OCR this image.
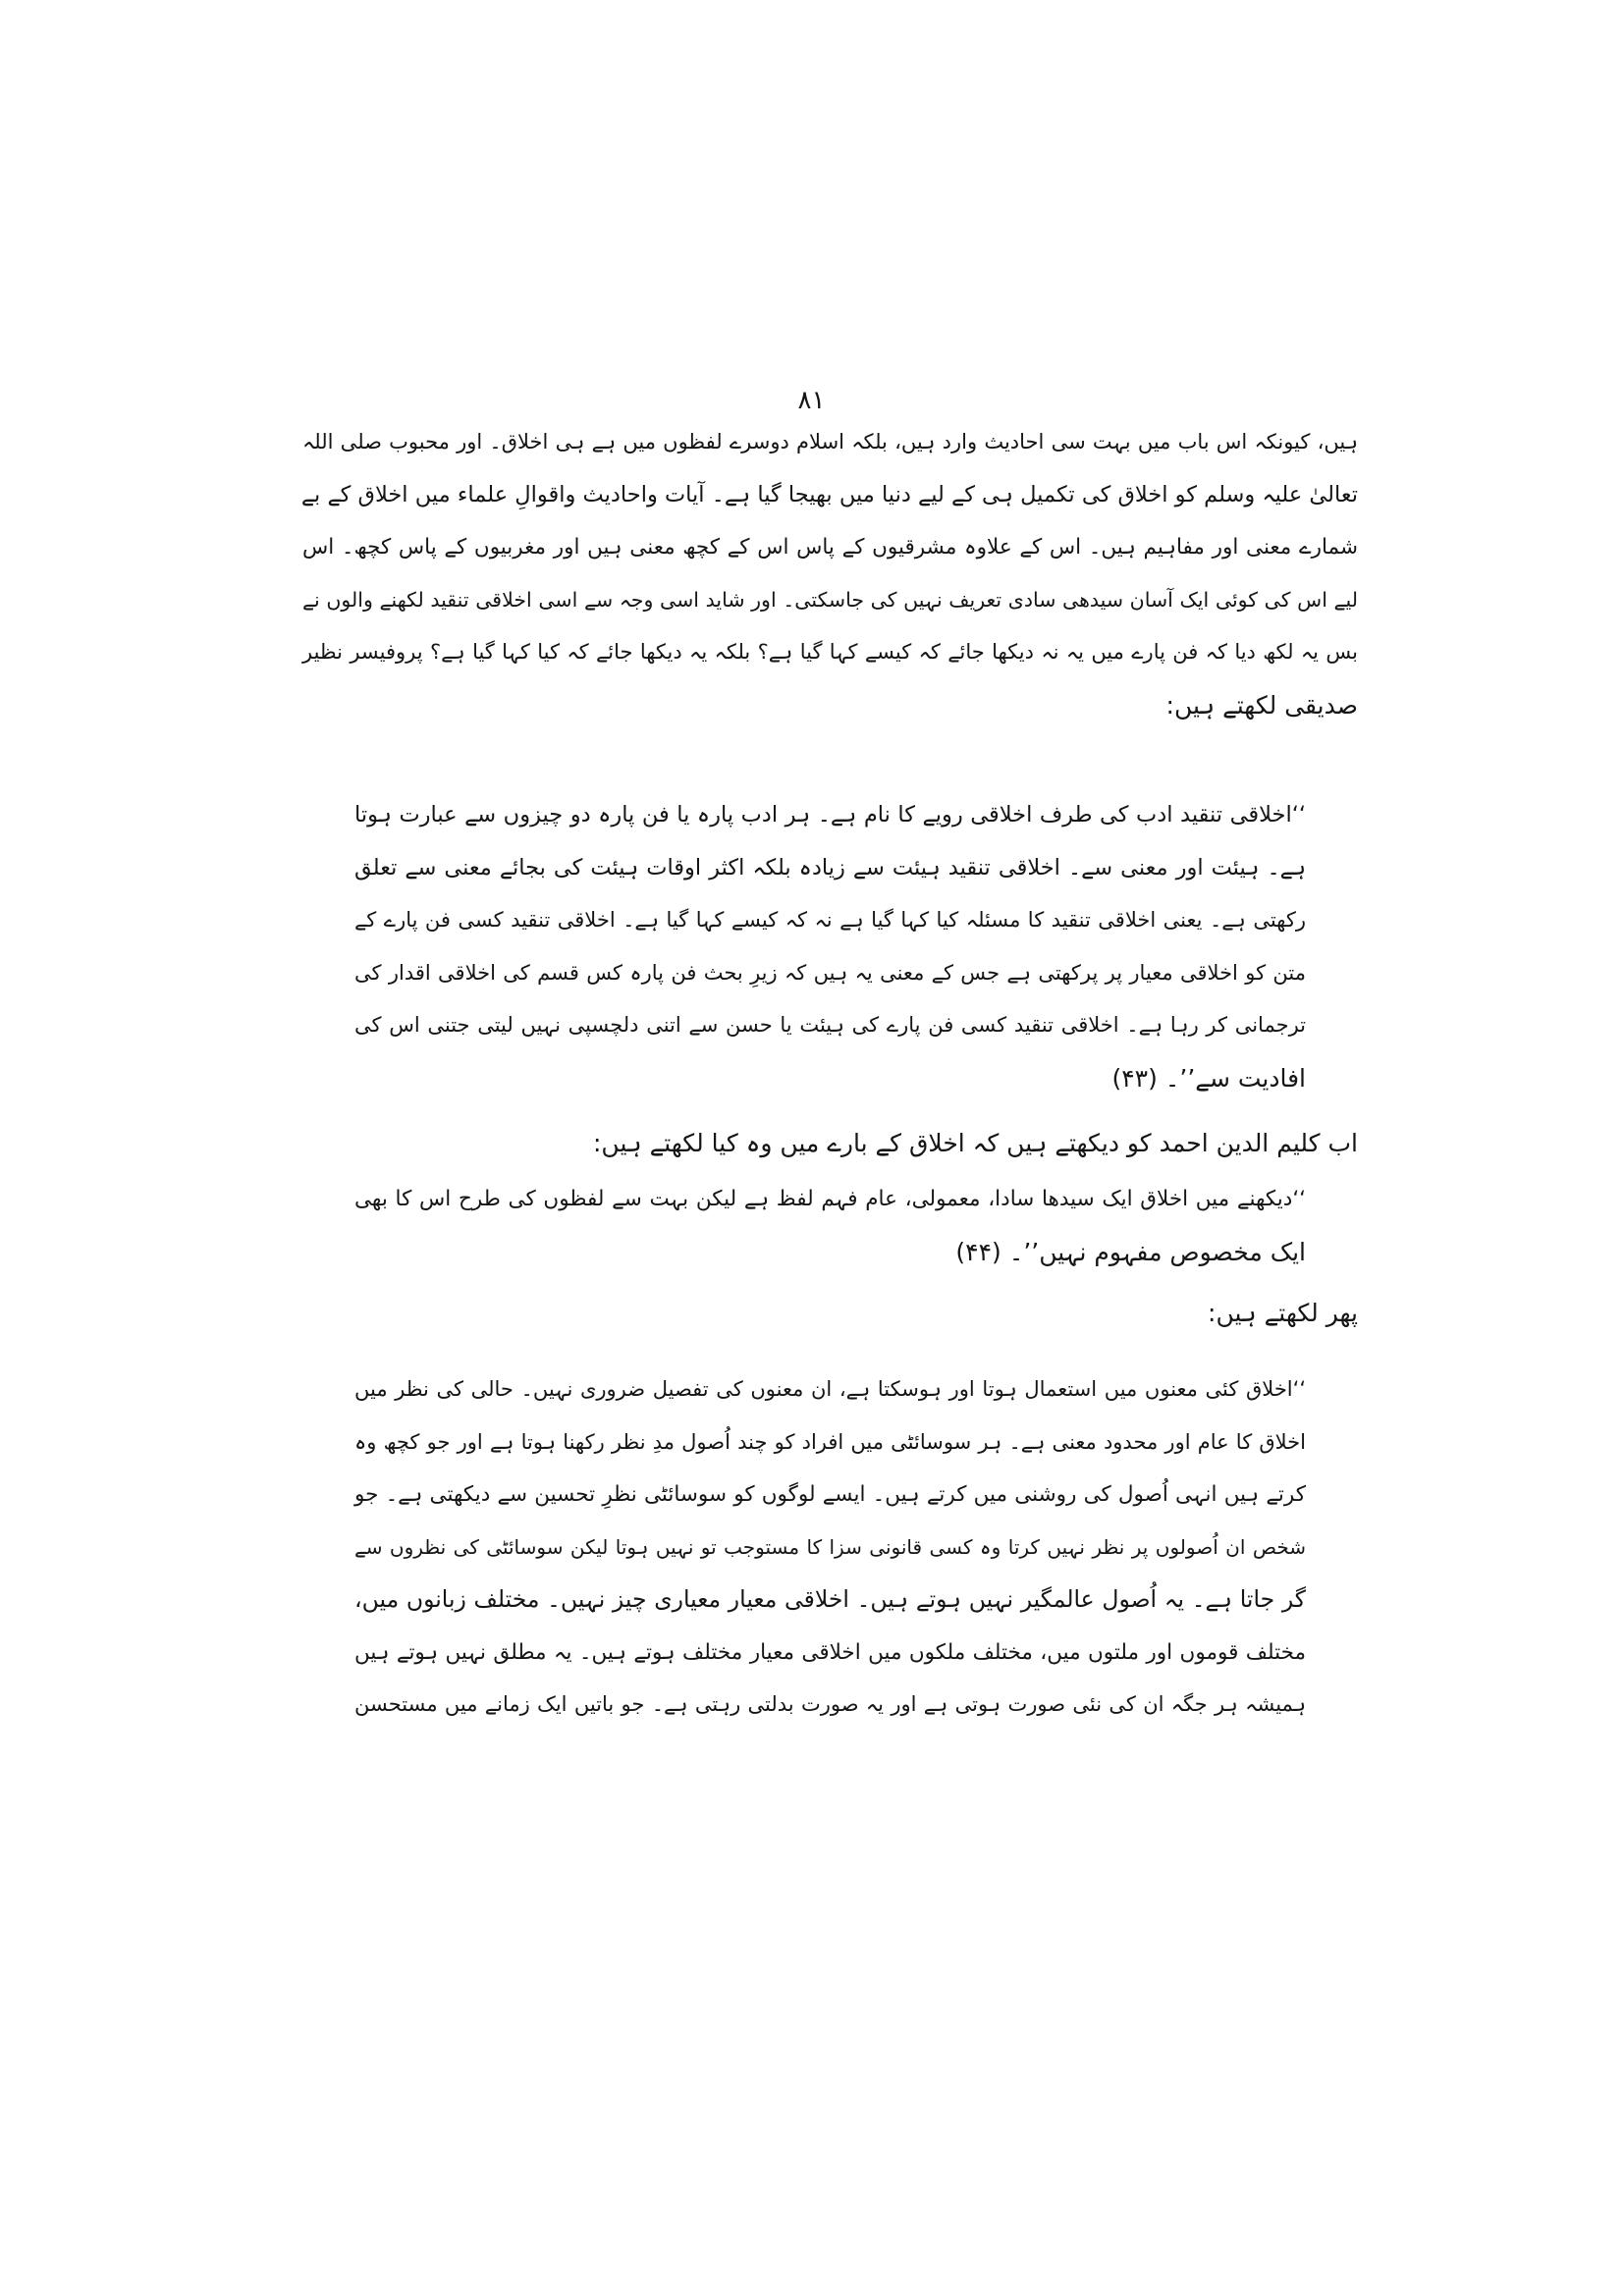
۸۱
ہیں، کیونکہ اس باب میں بہت سی احادیث وارد ہیں، بلکہ اسلام دوسرے لفظوں میں ہے ہی اخلاق۔ اور محبوب صلی اللہ
تعالیٰ علیہ وسلم کو اخلاق کی تکمیل ہی کے لیے دنیا میں بھیجا گیا ہے۔ آیات واحادیث واقوالِ علماء میں اخلاق کے بے
شمارے معنی اور مفاہیم ہیں۔ اس کے علاوہ مشرقیوں کے پاس اس کے کچھ معنی ہیں اور مغربیوں کے پاس کچھ۔ اس
لیے اس کی کوئی ایک آسان سیدھی سادی تعریف نہیں کی جاسکتی۔ اور شاید اسی وجہ سے اسی اخلاقی تنقید لکھنے والوں نے
بس یہ لکھ دیا کہ فن پارے میں یہ نہ دیکھا جائے کہ کیسے کہا گیا ہے؟ بلکہ یہ دیکھا جائے کہ کیا کہا گیا ہے؟ پروفیسر نظیر
صدیقی لکھتے ہیں:
‘‘اخلاقی تنقید ادب کی طرف اخلاقی رویے کا نام ہے۔ ہر ادب پارہ یا فن پارہ دو چیزوں سے عبارت ہوتا
ہے۔ ہیئت اور معنی سے۔ اخلاقی تنقید ہیئت سے زیادہ بلکہ اکثر اوقات ہیئت کی بجائے معنی سے تعلق
رکھتی ہے۔ یعنی اخلاقی تنقید کا مسئلہ کیا کہا گیا ہے نہ کہ کیسے کہا گیا ہے۔ اخلاقی تنقید کسی فن پارے کے
متن کو اخلاقی معیار پر پرکھتی ہے جس کے معنی یہ ہیں کہ زیرِ بحث فن پارہ کس قسم کی اخلاقی اقدار کی
ترجمانی کر رہا ہے۔ اخلاقی تنقید کسی فن پارے کی ہیئت یا حسن سے اتنی دلچسپی نہیں لیتی جتنی اس کی
افادیت سے’’۔ (۴۳)
اب کلیم الدین احمد کو دیکھتے ہیں کہ اخلاق کے بارے میں وہ کیا لکھتے ہیں:
‘‘دیکھنے میں اخلاق ایک سیدھا سادا، معمولی، عام فہم لفظ ہے لیکن بہت سے لفظوں کی طرح اس کا بھی
ایک مخصوص مفہوم نہیں’’۔ (۴۴)
پھر لکھتے ہیں:
‘‘اخلاق کئی معنوں میں استعمال ہوتا اور ہوسکتا ہے، ان معنوں کی تفصیل ضروری نہیں۔ حالی کی نظر میں
اخلاق کا عام اور محدود معنی ہے۔ ہر سوسائٹی میں افراد کو چند اُصول مدِ نظر رکھنا ہوتا ہے اور جو کچھ وہ
کرتے ہیں انہی اُصول کی روشنی میں کرتے ہیں۔ ایسے لوگوں کو سوسائٹی نظرِ تحسین سے دیکھتی ہے۔ جو
شخص ان اُصولوں پر نظر نہیں کرتا وہ کسی قانونی سزا کا مستوجب تو نہیں ہوتا لیکن سوسائٹی کی نظروں سے
گر جاتا ہے۔ یہ اُصول عالمگیر نہیں ہوتے ہیں۔ اخلاقی معیار معیاری چیز نہیں۔ مختلف زبانوں میں،
مختلف قوموں اور ملتوں میں، مختلف ملکوں میں اخلاقی معیار مختلف ہوتے ہیں۔ یہ مطلق نہیں ہوتے ہیں
ہمیشہ ہر جگہ ان کی نئی صورت ہوتی ہے اور یہ صورت بدلتی رہتی ہے۔ جو باتیں ایک زمانے میں مستحسن
